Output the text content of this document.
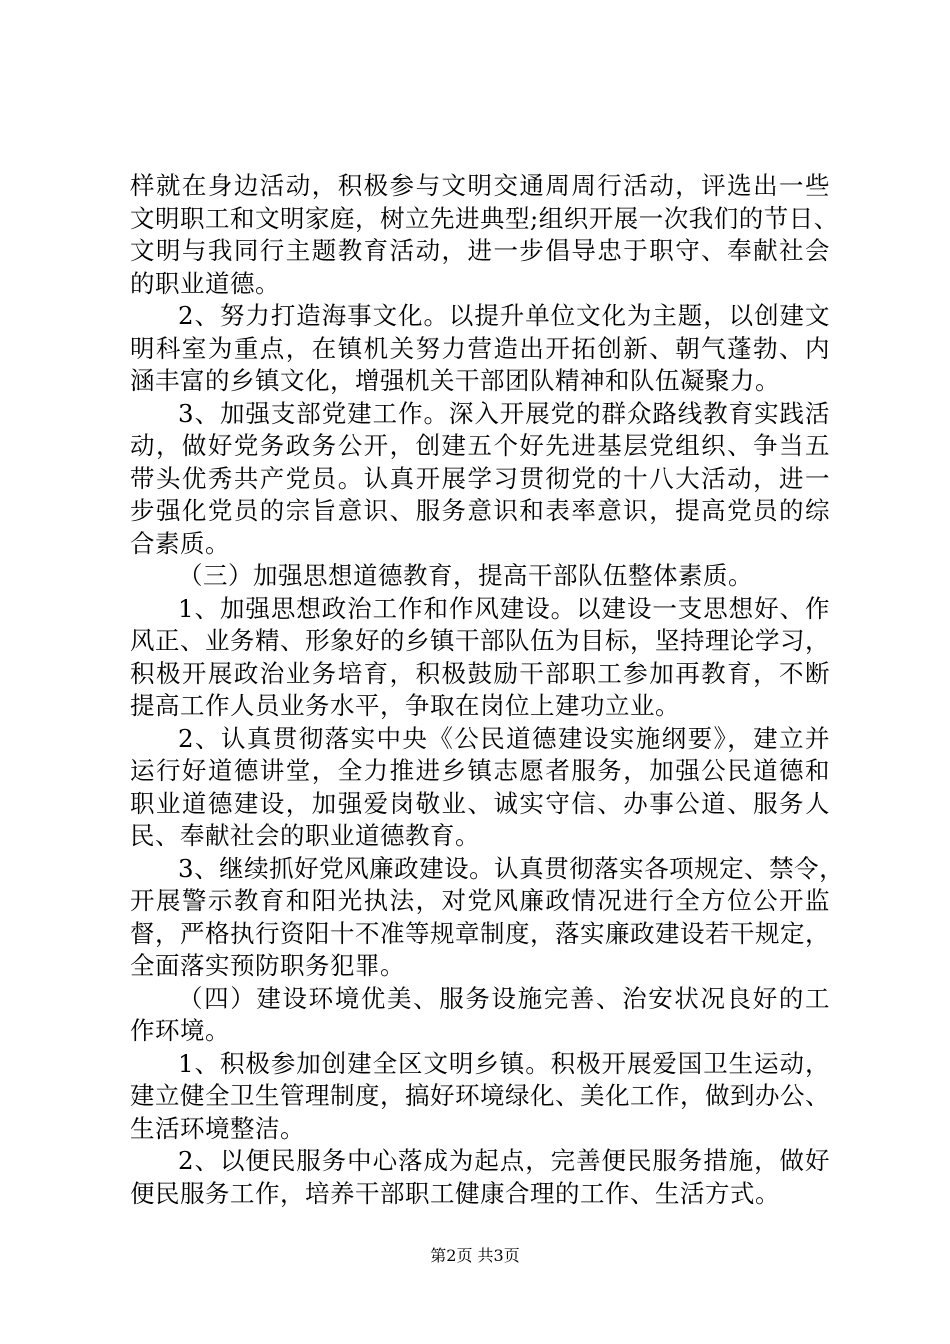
样就在身边活动，积极参与文明交通周周行活动，评选出一些
文明职工和文明家庭，树立先进典型;组织开展一次我们的节日、
文明与我同行主题教育活动，进一步倡导忠于职守、奉献社会
的职业道德。
2、努力打造海事文化。以提升单位文化为主题，以创建文
明科室为重点，在镇机关努力营造出开拓创新、朝气蓬勃、内
涵丰富的乡镇文化，增强机关干部团队精神和队伍凝聚力。
3、加强支部党建工作。深入开展党的群众路线教育实践活
动，做好党务政务公开，创建五个好先进基层党组织、争当五
带头优秀共产党员。认真开展学习贯彻党的十八大活动，进一
步强化党员的宗旨意识、服务意识和表率意识，提高党员的综
合素质。
（三）加强思想道德教育，提高干部队伍整体素质。
1、加强思想政治工作和作风建设。以建设一支思想好、作
风正、业务精、形象好的乡镇干部队伍为目标，坚持理论学习，
积极开展政治业务培育，积极鼓励干部职工参加再教育，不断
提高工作人员业务水平，争取在岗位上建功立业。
2、认真贯彻落实中央《公民道德建设实施纲要》，建立并
运行好道德讲堂，全力推进乡镇志愿者服务，加强公民道德和
职业道德建设，加强爱岗敬业、诚实守信、办事公道、服务人
民、奉献社会的职业道德教育。
3、继续抓好党风廉政建设。认真贯彻落实各项规定、禁令，
开展警示教育和阳光执法，对党风廉政情况进行全方位公开监
督，严格执行资阳十不准等规章制度，落实廉政建设若干规定，
全面落实预防职务犯罪。
（四）建设环境优美、服务设施完善、治安状况良好的工
作环境。
1、积极参加创建全区文明乡镇。积极开展爱国卫生运动，
建立健全卫生管理制度，搞好环境绿化、美化工作，做到办公、
生活环境整洁。
2、以便民服务中心落成为起点，完善便民服务措施，做好
便民服务工作，培养干部职工健康合理的工作、生活方式。
第2页 共3页
